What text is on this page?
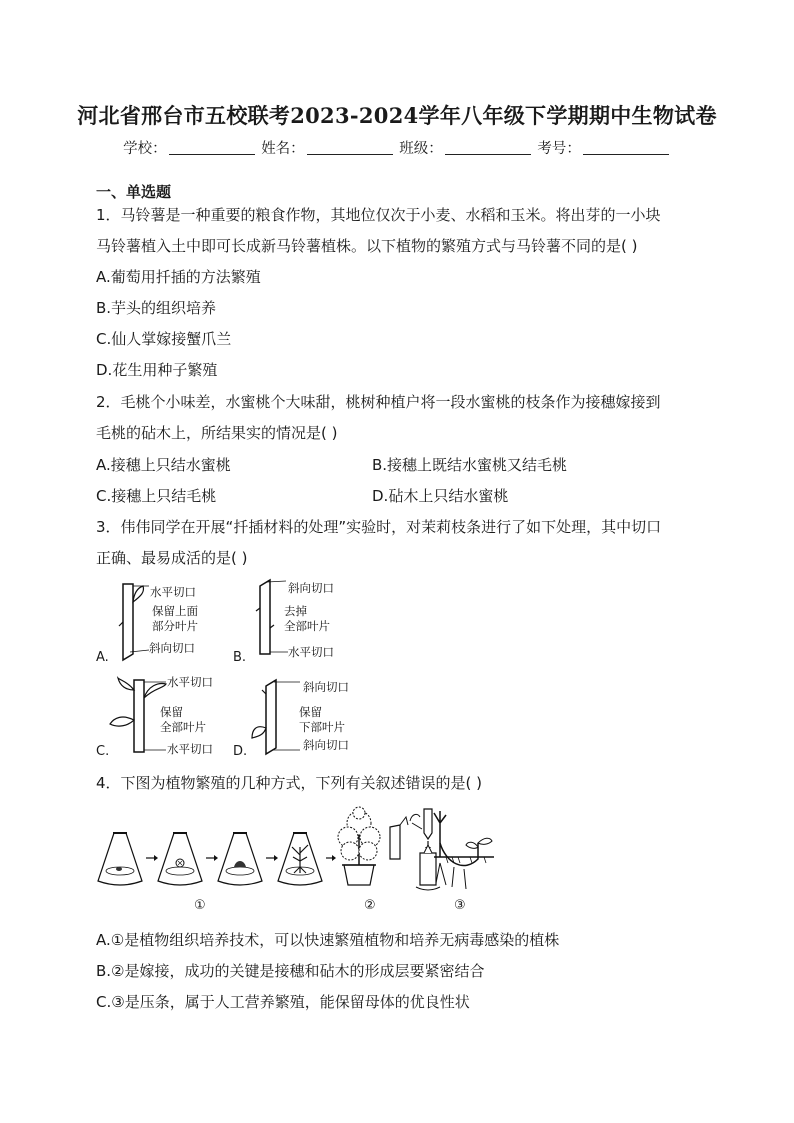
河北省邢台市五校联考2023-2024学年八年级下学期期中生物试卷
学校：	姓名：	班级：	考号：
一、单选题
1．马铃薯是一种重要的粮食作物，其地位仅次于小麦、水稻和玉米。将出芽的一小块
马铃薯植入土中即可长成新马铃薯植株。以下植物的繁殖方式与马铃薯不同的是( )
A.葡萄用扦插的方法繁殖
B.芋头的组织培养
C.仙人掌嫁接蟹爪兰
D.花生用种子繁殖
2．毛桃个小味差，水蜜桃个大味甜，桃树种植户将一段水蜜桃的枝条作为接穗嫁接到
毛桃的砧木上，所结果实的情况是( )
A.接穗上只结水蜜桃	B.接穗上既结水蜜桃又结毛桃
C.接穗上只结毛桃	D.砧木上只结水蜜桃
3．伟伟同学在开展“扦插材料的处理”实验时，对茉莉枝条进行了如下处理，其中切口
正确、最易成活的是( )
水平切口
保留上面
部分叶片
斜向切口
A.
斜向切口
去掉
全部叶片
水平切口
B.
水平切口
保留
全部叶片
水平切口
C.
斜向切口
保留
下部叶片
斜向切口
D.
4．下图为植物繁殖的几种方式，下列有关叙述错误的是( )
①	②	③
A.①是植物组织培养技术，可以快速繁殖植物和培养无病毒感染的植株
B.②是嫁接，成功的关键是接穗和砧木的形成层要紧密结合
C.③是压条，属于人工营养繁殖，能保留母体的优良性状
